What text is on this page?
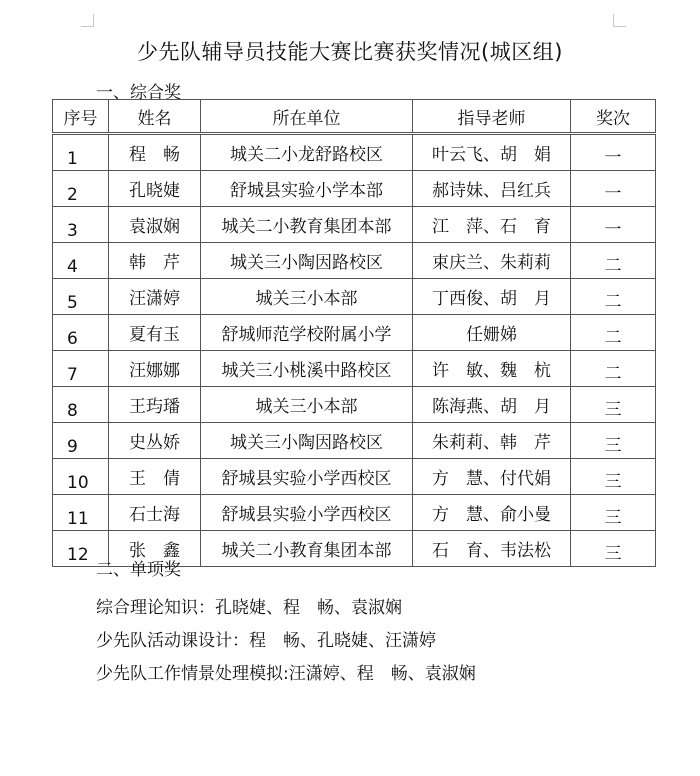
少先队辅导员技能大赛比赛获奖情况(城区组)
一、综合奖
序号	姓名	所在单位	指导老师	奖次
1	程　畅	城关二小龙舒路校区	叶云飞、胡　娟	一
2	孔晓婕	舒城县实验小学本部	郝诗妹、吕红兵	一
3	袁淑娴	城关二小教育集团本部	江　萍、石　育	一
4	韩　芹	城关三小陶因路校区	束庆兰、朱莉莉	二
5	汪潇婷	城关三小本部	丁西俊、胡　月	二
6	夏有玉	舒城师范学校附属小学	任姗娣	二
7	汪娜娜	城关三小桃溪中路校区	许　敏、魏　杭	二
8	王玙璠	城关三小本部	陈海燕、胡　月	三
9	史丛娇	城关三小陶因路校区	朱莉莉、韩　芹	三
10	王　倩	舒城县实验小学西校区	方　慧、付代娟	三
11	石士海	舒城县实验小学西校区	方　慧、俞小曼	三
12	张　鑫	城关二小教育集团本部	石　育、韦法松	三
二、单项奖
综合理论知识：孔晓婕、程　畅、袁淑娴
少先队活动课设计：程　畅、孔晓婕、汪潇婷
少先队工作情景处理模拟:汪潇婷、程　畅、袁淑娴
